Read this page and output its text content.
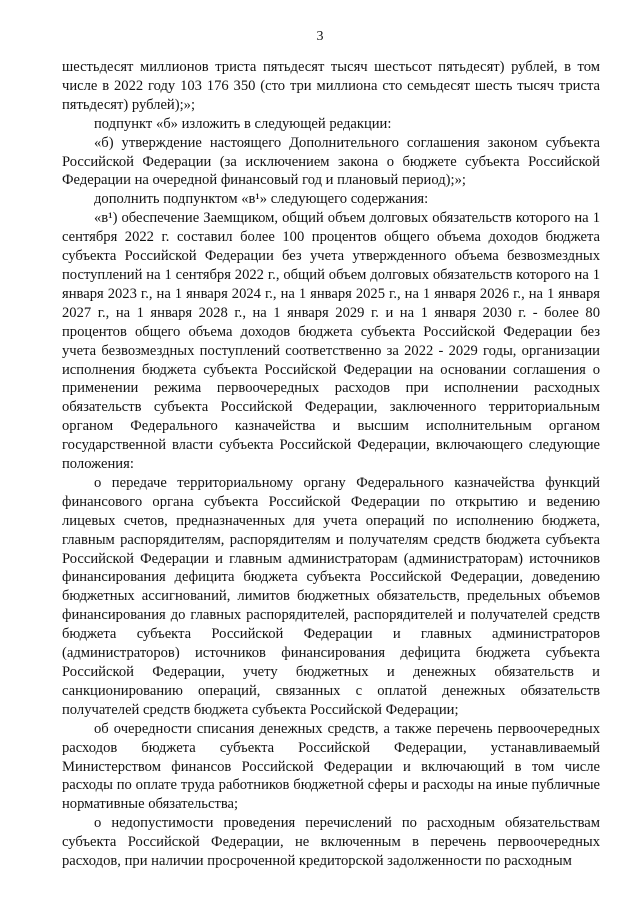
3

шестьдесят миллионов триста пятьдесят тысяч шестьсот пятьдесят) рублей, в том числе в 2022 году 103 176 350 (сто три миллиона сто семьдесят шесть тысяч триста пятьдесят) рублей);»;

подпункт «б» изложить в следующей редакции:

«б) утверждение настоящего Дополнительного соглашения законом субъекта Российской Федерации (за исключением закона о бюджете субъекта Российской Федерации на очередной финансовый год и плановый период);»;

дополнить подпунктом «в¹» следующего содержания:

«в¹) обеспечение Заемщиком, общий объем долговых обязательств которого на 1 сентября 2022 г. составил более 100 процентов общего объема доходов бюджета субъекта Российской Федерации без учета утвержденного объема безвозмездных поступлений на 1 сентября 2022 г., общий объем долговых обязательств которого на 1 января 2023 г., на 1 января 2024 г., на 1 января 2025 г., на 1 января 2026 г., на 1 января 2027 г., на 1 января 2028 г., на 1 января 2029 г. и на 1 января 2030 г. - более 80 процентов общего объема доходов бюджета субъекта Российской Федерации без учета безвозмездных поступлений соответственно за 2022 - 2029 годы, организации исполнения бюджета субъекта Российской Федерации на основании соглашения о применении режима первоочередных расходов при исполнении расходных обязательств субъекта Российской Федерации, заключенного территориальным органом Федерального казначейства и высшим исполнительным органом государственной власти субъекта Российской Федерации, включающего следующие положения:

о передаче территориальному органу Федерального казначейства функций финансового органа субъекта Российской Федерации по открытию и ведению лицевых счетов, предназначенных для учета операций по исполнению бюджета, главным распорядителям, распорядителям и получателям средств бюджета субъекта Российской Федерации и главным администраторам (администраторам) источников финансирования дефицита бюджета субъекта Российской Федерации, доведению бюджетных ассигнований, лимитов бюджетных обязательств, предельных объемов финансирования до главных распорядителей, распорядителей и получателей средств бюджета субъекта Российской Федерации и главных администраторов (администраторов) источников финансирования дефицита бюджета субъекта Российской Федерации, учету бюджетных и денежных обязательств и санкционированию операций, связанных с оплатой денежных обязательств получателей средств бюджета субъекта Российской Федерации;

об очередности списания денежных средств, а также перечень первоочередных расходов бюджета субъекта Российской Федерации, устанавливаемый Министерством финансов Российской Федерации и включающий в том числе расходы по оплате труда работников бюджетной сферы и расходы на иные публичные нормативные обязательства;

о недопустимости проведения перечислений по расходным обязательствам субъекта Российской Федерации, не включенным в перечень первоочередных расходов, при наличии просроченной кредиторской задолженности по расходным
